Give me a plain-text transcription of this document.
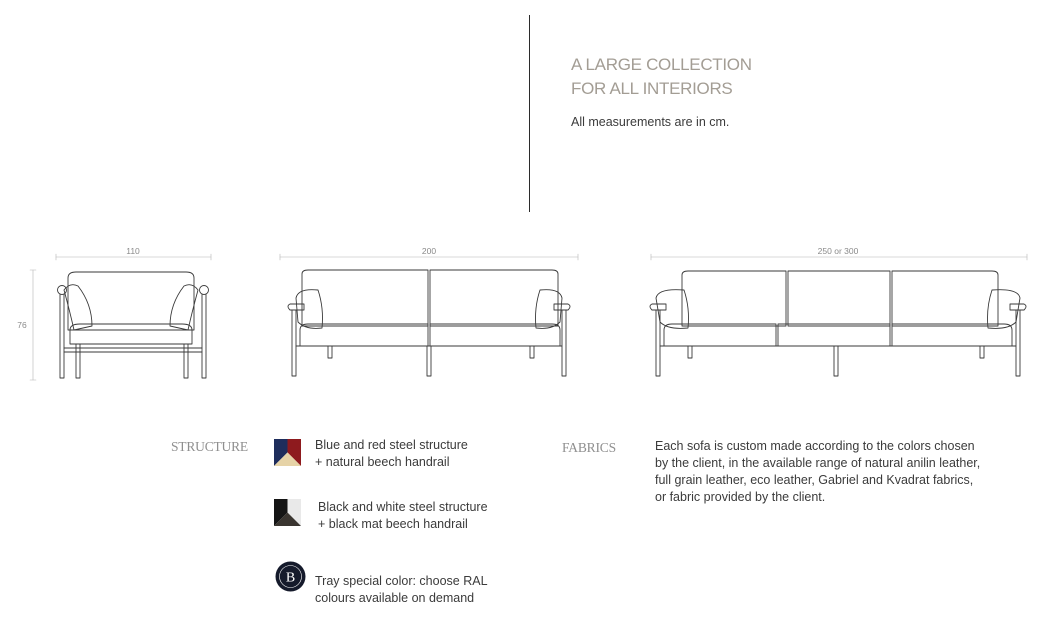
A LARGE COLLECTION
FOR ALL INTERIORS
All measurements are in cm.
110
76
200	250 or 300
STRUCTURE	Blue and red steel structure
+ natural beech handrail
Black and white steel structure
+ black mat beech handrail
B Tray special color: choose RAL
colours available on demand
FABRICS	Each sofa is custom made according to the colors chosen by the client, in the available range of natural anilin leather, full grain leather, eco leather, Gabriel and Kvadrat fabrics, or fabric provided by the client.
